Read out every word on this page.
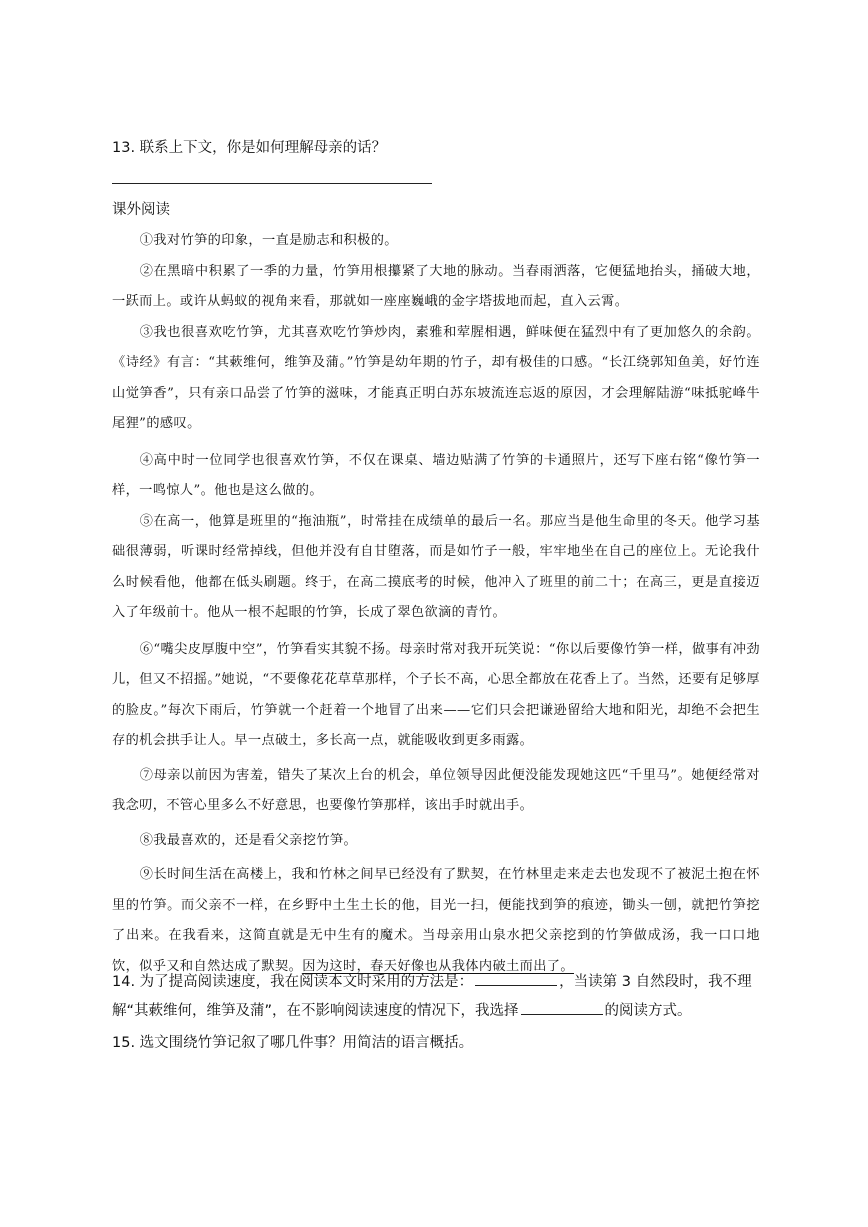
13. 联系上下文，你是如何理解母亲的话？
课外阅读

①我对竹笋的印象，一直是励志和积极的。

②在黑暗中积累了一季的力量，竹笋用根攥紧了大地的脉动。当春雨洒落，它便猛地抬头，捅破大地，一跃而上。或许从蚂蚁的视角来看，那就如一座座巍峨的金字塔拔地而起，直入云霄。

③我也很喜欢吃竹笋，尤其喜欢吃竹笋炒肉，素雅和荤腥相遇，鲜味便在猛烈中有了更加悠久的余韵。《诗经》有言：“其蔌维何，维笋及蒲。”竹笋是幼年期的竹子，却有极佳的口感。“长江绕郭知鱼美，好竹连山觉笋香”，只有亲口品尝了竹笋的滋味，才能真正明白苏东坡流连忘返的原因，才会理解陆游“味抵驼峰牛尾狸”的感叹。

④高中时一位同学也很喜欢竹笋，不仅在课桌、墙边贴满了竹笋的卡通照片，还写下座右铭“像竹笋一样，一鸣惊人”。他也是这么做的。

⑤在高一，他算是班里的“拖油瓶”，时常挂在成绩单的最后一名。那应当是他生命里的冬天。他学习基础很薄弱，听课时经常掉线，但他并没有自甘堕落，而是如竹子一般，牢牢地坐在自己的座位上。无论我什么时候看他，他都在低头刷题。终于，在高二摸底考的时候，他冲入了班里的前二十；在高三，更是直接迈入了年级前十。他从一根不起眼的竹笋，长成了翠色欲滴的青竹。

⑥“嘴尖皮厚腹中空”，竹笋看实其貌不扬。母亲时常对我开玩笑说：“你以后要像竹笋一样，做事有冲劲儿，但又不招摇。”她说，“不要像花花草草那样，个子长不高，心思全都放在花香上了。当然，还要有足够厚的脸皮。”每次下雨后，竹笋就一个赶着一个地冒了出来——它们只会把谦逊留给大地和阳光，却绝不会把生存的机会拱手让人。早一点破土，多长高一点，就能吸收到更多雨露。

⑦母亲以前因为害羞，错失了某次上台的机会，单位领导因此便没能发现她这匹“千里马”。她便经常对我念叨，不管心里多么不好意思，也要像竹笋那样，该出手时就出手。

⑧我最喜欢的，还是看父亲挖竹笋。

⑨长时间生活在高楼上，我和竹林之间早已经没有了默契，在竹林里走来走去也发现不了被泥土抱在怀里的竹笋。而父亲不一样，在乡野中土生土长的他，目光一扫，便能找到笋的痕迹，锄头一刨，就把竹笋挖了出来。在我看来，这简直就是无中生有的魔术。当母亲用山泉水把父亲挖到的竹笋做成汤，我一口口地饮，似乎又和自然达成了默契。因为这时，春天好像也从我体内破土而出了。

14. 为了提高阅读速度，我在阅读本文时采用的方法是：	，当读第 3 自然段时，我不理解“其蔌维何，维笋及蒲”，在不影响阅读速度的情况下，我选择	的阅读方式。
15. 选文围绕竹笋记叙了哪几件事？用简洁的语言概括。
